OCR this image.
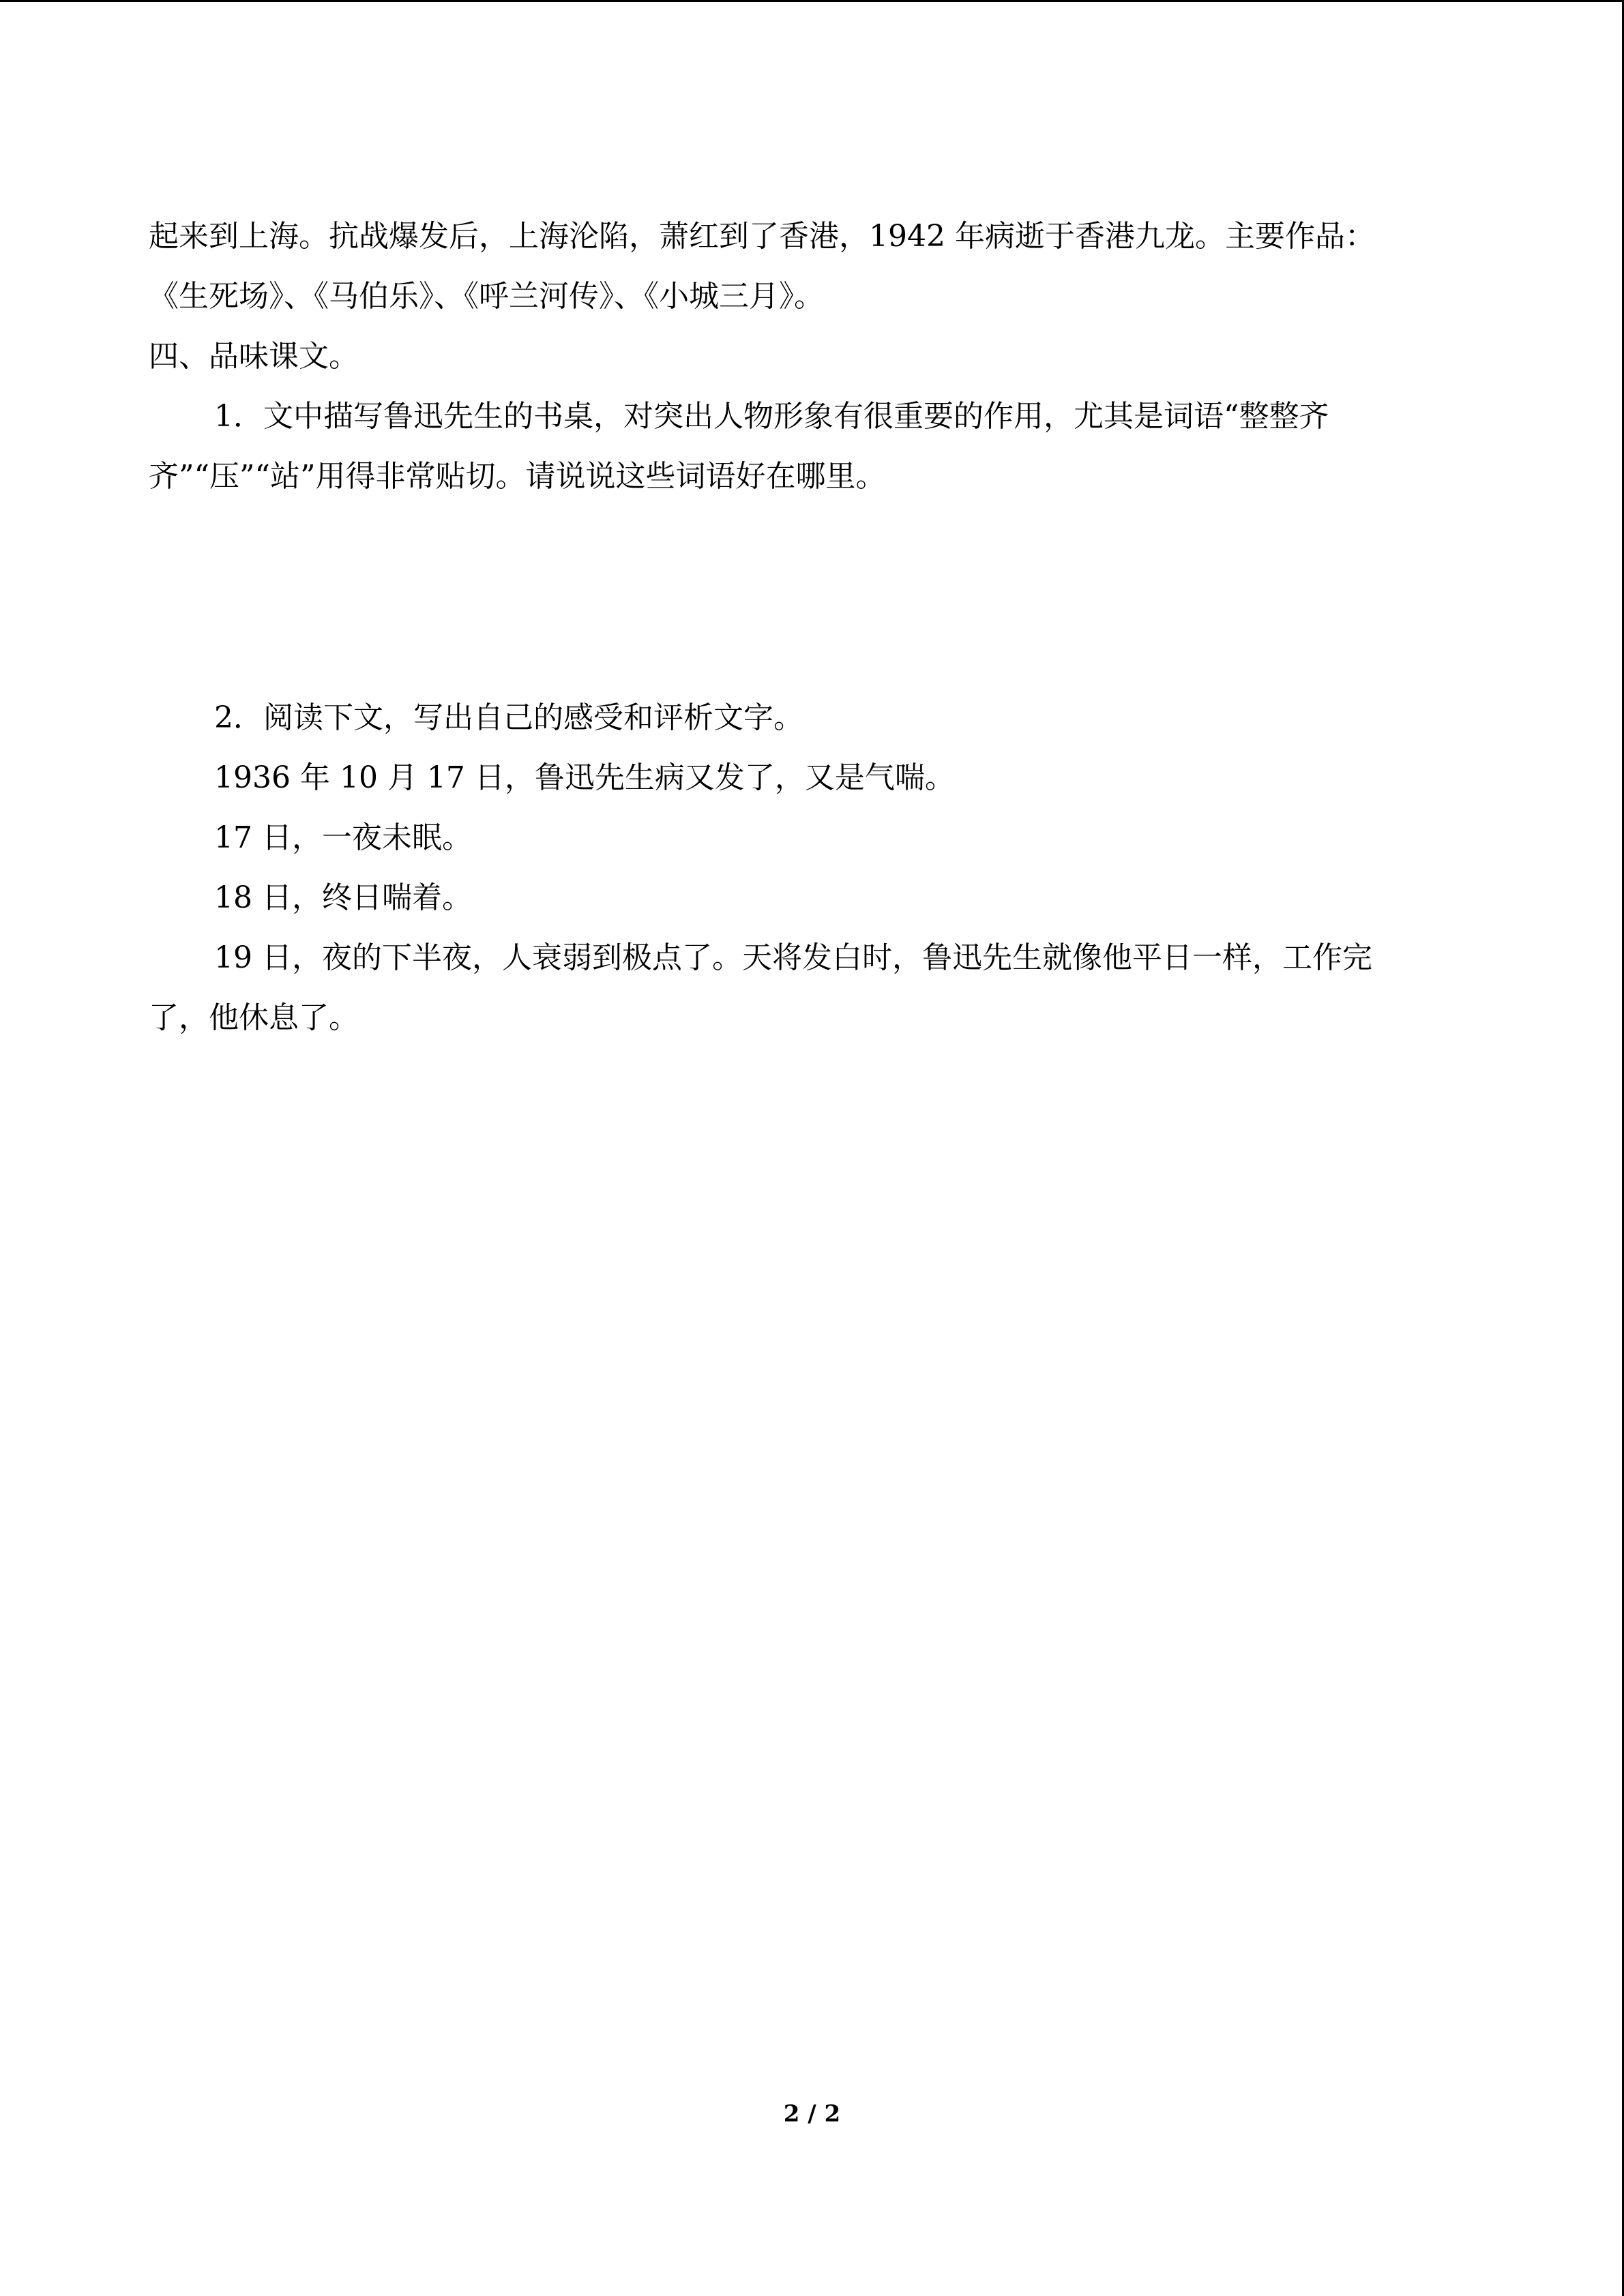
起来到上海。抗战爆发后，上海沦陷，萧红到了香港，1942 年病逝于香港九龙。主要作品：
《生死场》、《马伯乐》、《呼兰河传》、《小城三月》。
四、品味课文。
1．文中描写鲁迅先生的书桌，对突出人物形象有很重要的作用，尤其是词语“整整齐
齐”“压”“站”用得非常贴切。请说说这些词语好在哪里。
2．阅读下文，写出自己的感受和评析文字。
1936 年 10 月 17 日，鲁迅先生病又发了，又是气喘。
17 日，一夜未眠。
18 日，终日喘着。
19 日，夜的下半夜，人衰弱到极点了。天将发白时，鲁迅先生就像他平日一样，工作完
了，他休息了。
2 / 2
